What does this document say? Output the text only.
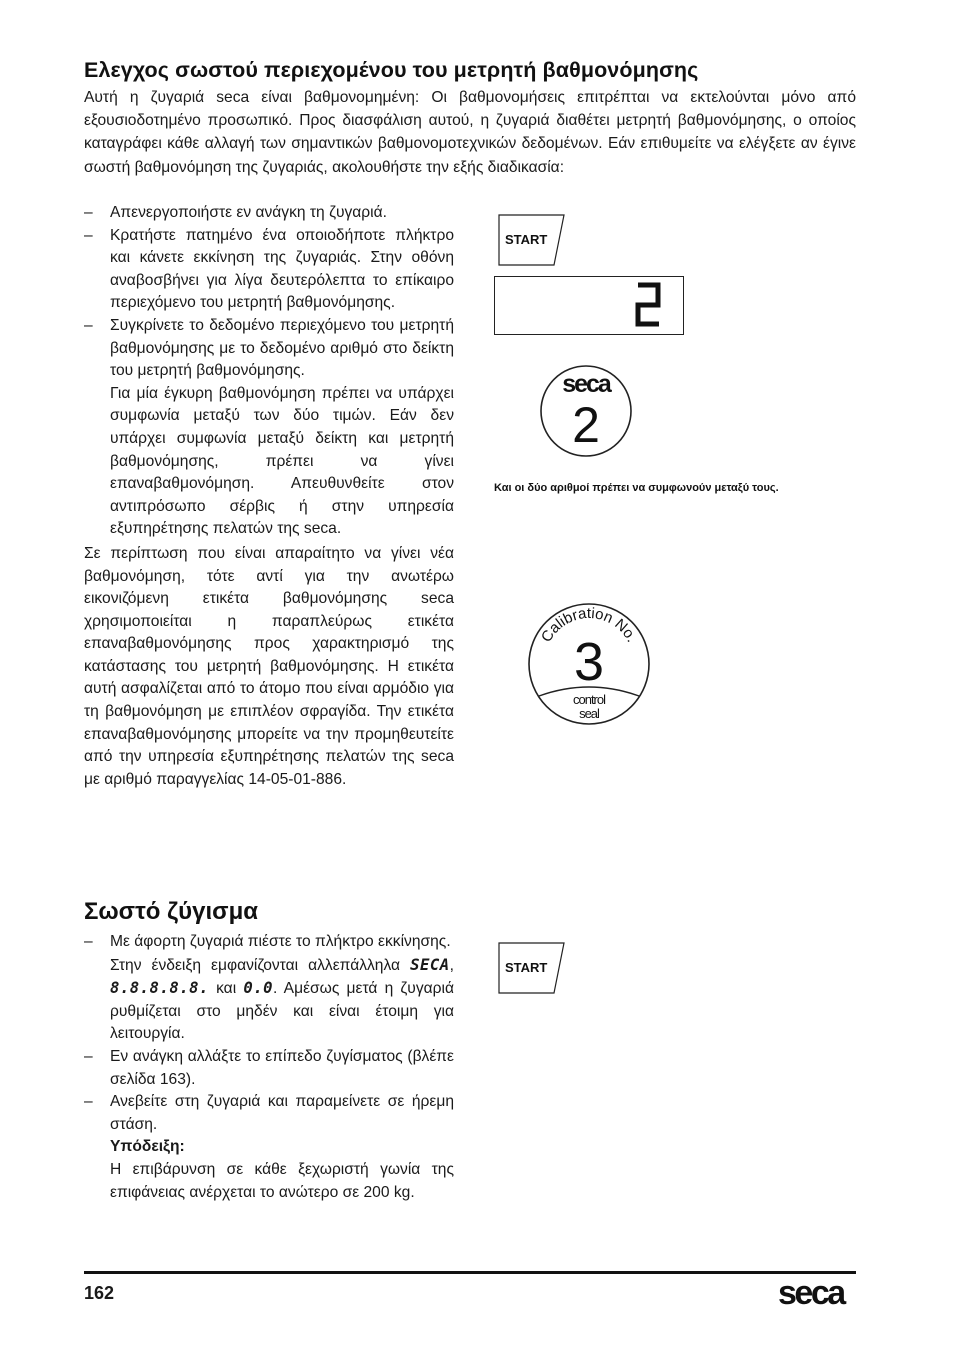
Ελεγχος σωστού περιεχομένου του μετρητή βαθμονόμησης

Αυτή η ζυγαριά seca είναι βαθμονομημένη: Οι βαθμονομήσεις επιτρέπται να εκτελούνται μόνο από εξουσιοδοτημένο προσωπικό. Προς διασφάλιση αυτού, η ζυγαριά διαθέτει μετρητή βαθμονόμησης, ο οποίος καταγράφει κάθε αλλαγή των σημαντικών βαθμονομοτεχνικών δεδομένων. Εάν επιθυμείτε να ελέγξετε αν έγινε σωστή βαθμονόμηση της ζυγαριάς, ακολουθήστε την εξής διαδικασία:

– Απενεργοποιήστε εν ανάγκη τη ζυγαριά.

– Κρατήστε πατημένο ένα οποιοδήποτε πλήκτρο και κάνετε εκκίνηση της ζυγαριάς. Στην οθόνη αναβοσβήνει για λίγα δευτερόλεπτα το επίκαιρο περιεχόμενο του μετρητή βαθμονόμησης.

– Συγκρίνετε το δεδομένο περιεχόμενο του μετρητή βαθμονόμησης με το δεδομένο αριθμό στο δείκτη του μετρητή βαθμονόμησης.

Για μία έγκυρη βαθμονόμηση πρέπει να υπάρχει συμφωνία μεταξύ των δύο τιμών. Εάν δεν υπάρχει συμφωνία μεταξύ δείκτη και μετρητή βαθμονόμησης, πρέπει να γίνει επαναβαθμονόμηση. Απευθυνθείτε στον αντιπρόσωπο σέρβις ή στην υπηρεσία εξυπηρέτησης πελατών της seca.

Σε περίπτωση που είναι απαραίτητο να γίνει νέα βαθμονόμηση, τότε αντί για την ανωτέρω εικονιζόμενη ετικέτα βαθμονόμησης seca χρησιμοποιείται η παραπλεύρως ετικέτα επαναβαθμονόμησης προς χαρακτηρισμό της κατάστασης του μετρητή βαθμονόμησης. Η ετικέτα αυτή ασφαλίζεται από το άτομο που είναι αρμόδιο για τη βαθμονόμηση με επιπλέον σφραγίδα. Την ετικέτα επαναβαθμονόμησης μπορείτε να την προμηθευτείτε από την υπηρεσία εξυπηρέτησης πελατών της seca με αριθμό παραγγελίας 14-05-01-886.

Σωστό ζύγισμα
– Με άφορτη ζυγαριά πιέστε το πλήκτρο εκκίνησης.

Στην ένδειξη εμφανίζονται αλλεπάλληλα SECA, 8.8.8.8.8. και 0.0. Αμέσως μετά η ζυγαριά ρυθμίζεται στο μηδέν και είναι έτοιμη για λειτουργία.

– Εν ανάγκη αλλάξτε το επίπεδο ζυγίσματος (βλέπε σελίδα 163).

– Ανεβείτε στη ζυγαριά και παραμείνετε σε ήρεμη στάση.

Υπόδειξη:

Η επιβάρυνση σε κάθε ξεχωριστή γωνία της επιφάνειας ανέρχεται το ανώτερο σε 200 kg.

START
seca
2
Και οι δύο αριθμοί πρέπει να συμφωνούν μεταξύ τους.
Calibration No.
3
control
seal
START
162	seca
